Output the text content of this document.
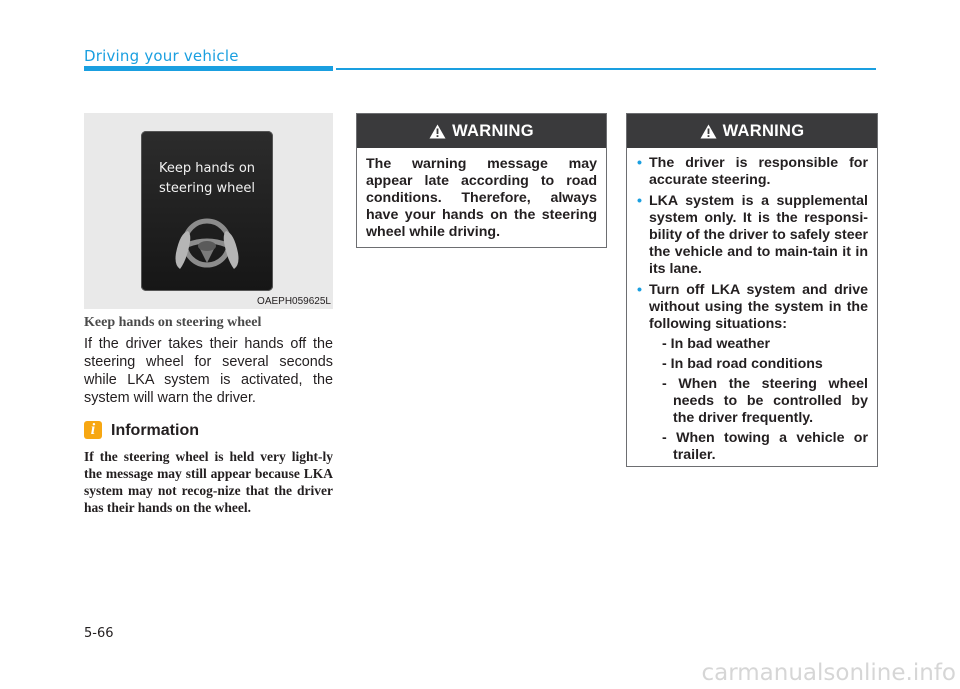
Driving your vehicle
Keep hands on
steering wheel
OAEPH059625L
Keep hands on steering wheel
If the driver takes their hands off the steering wheel for several seconds while LKA system is activated, the system will warn the driver.
i Information
If the steering wheel is held very light-ly the message may still appear because LKA system may not recog-nize that the driver has their hands on the wheel.
WARNING
The warning message may appear late according to road conditions. Therefore, always have your hands on the steering wheel while driving.
WARNING
• The driver is responsible for accurate steering.
• LKA system is a supplemental system only. It is the responsi-bility of the driver to safely steer the vehicle and to main-tain it in its lane.
• Turn off LKA system and drive without using the system in the following situations:
- In bad weather
- In bad road conditions
- When the steering wheel needs to be controlled by the driver frequently.
- When towing a vehicle or trailer.
5-66
carmanualsonline.info
